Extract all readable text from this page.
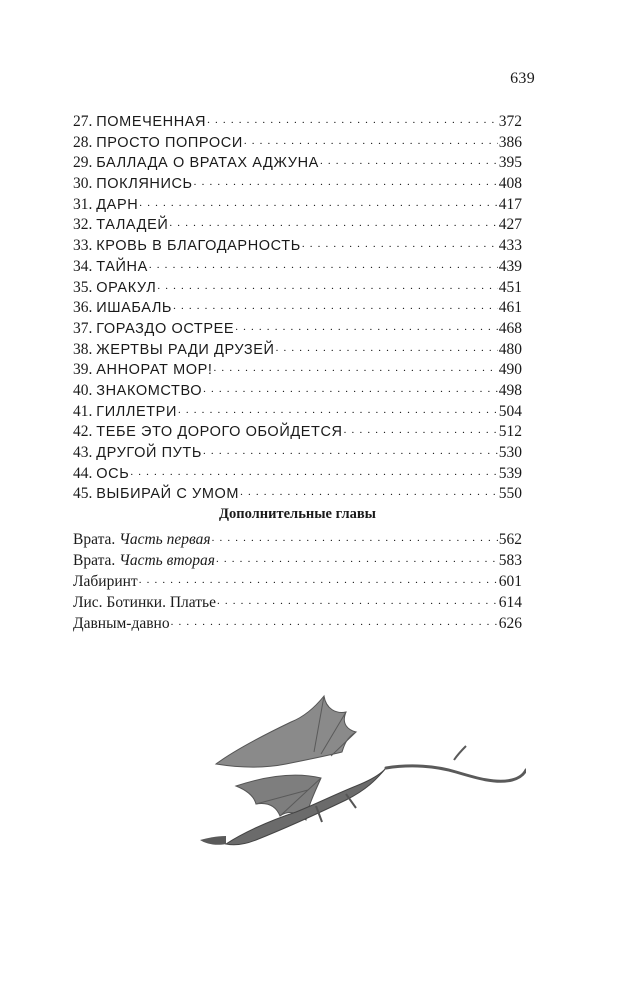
639
27. ПОМЕЧЕННАЯ . . .	372
28. ПРОСТО ПОПРОСИ . . .	386
29. БАЛЛАДА О ВРАТАХ АДЖУНА . . .	395
30. ПОКЛЯНИСЬ . . .	408
31. ДАРН . . .	417
32. ТАЛАДЕЙ . . .	427
33. КРОВЬ В БЛАГОДАРНОСТЬ . . .	433
34. ТАЙНА . . .	439
35. ОРАКУЛ . . .	451
36. ИШАБАЛЬ . . .	461
37. ГОРАЗДО ОСТРЕЕ . . .	468
38. ЖЕРТВЫ РАДИ ДРУЗЕЙ . . .	480
39. АННОРАТ МОР! . . .	490
40. ЗНАКОМСТВО . . .	498
41. ГИЛЛЕТРИ . . .	504
42. ТЕБЕ ЭТО ДОРОГО ОБОЙДЕТСЯ . . .	512
43. ДРУГОЙ ПУТЬ . . .	530
44. ОСЬ . . .	539
45. ВЫБИРАЙ С УМОМ . . .	550
Дополнительные главы
Врата. Часть первая . . .	562
Врата. Часть вторая . . .	583
Лабиринт . . .	601
Лис. Ботинки. Платье . . .	614
Давным-давно . . .	626
